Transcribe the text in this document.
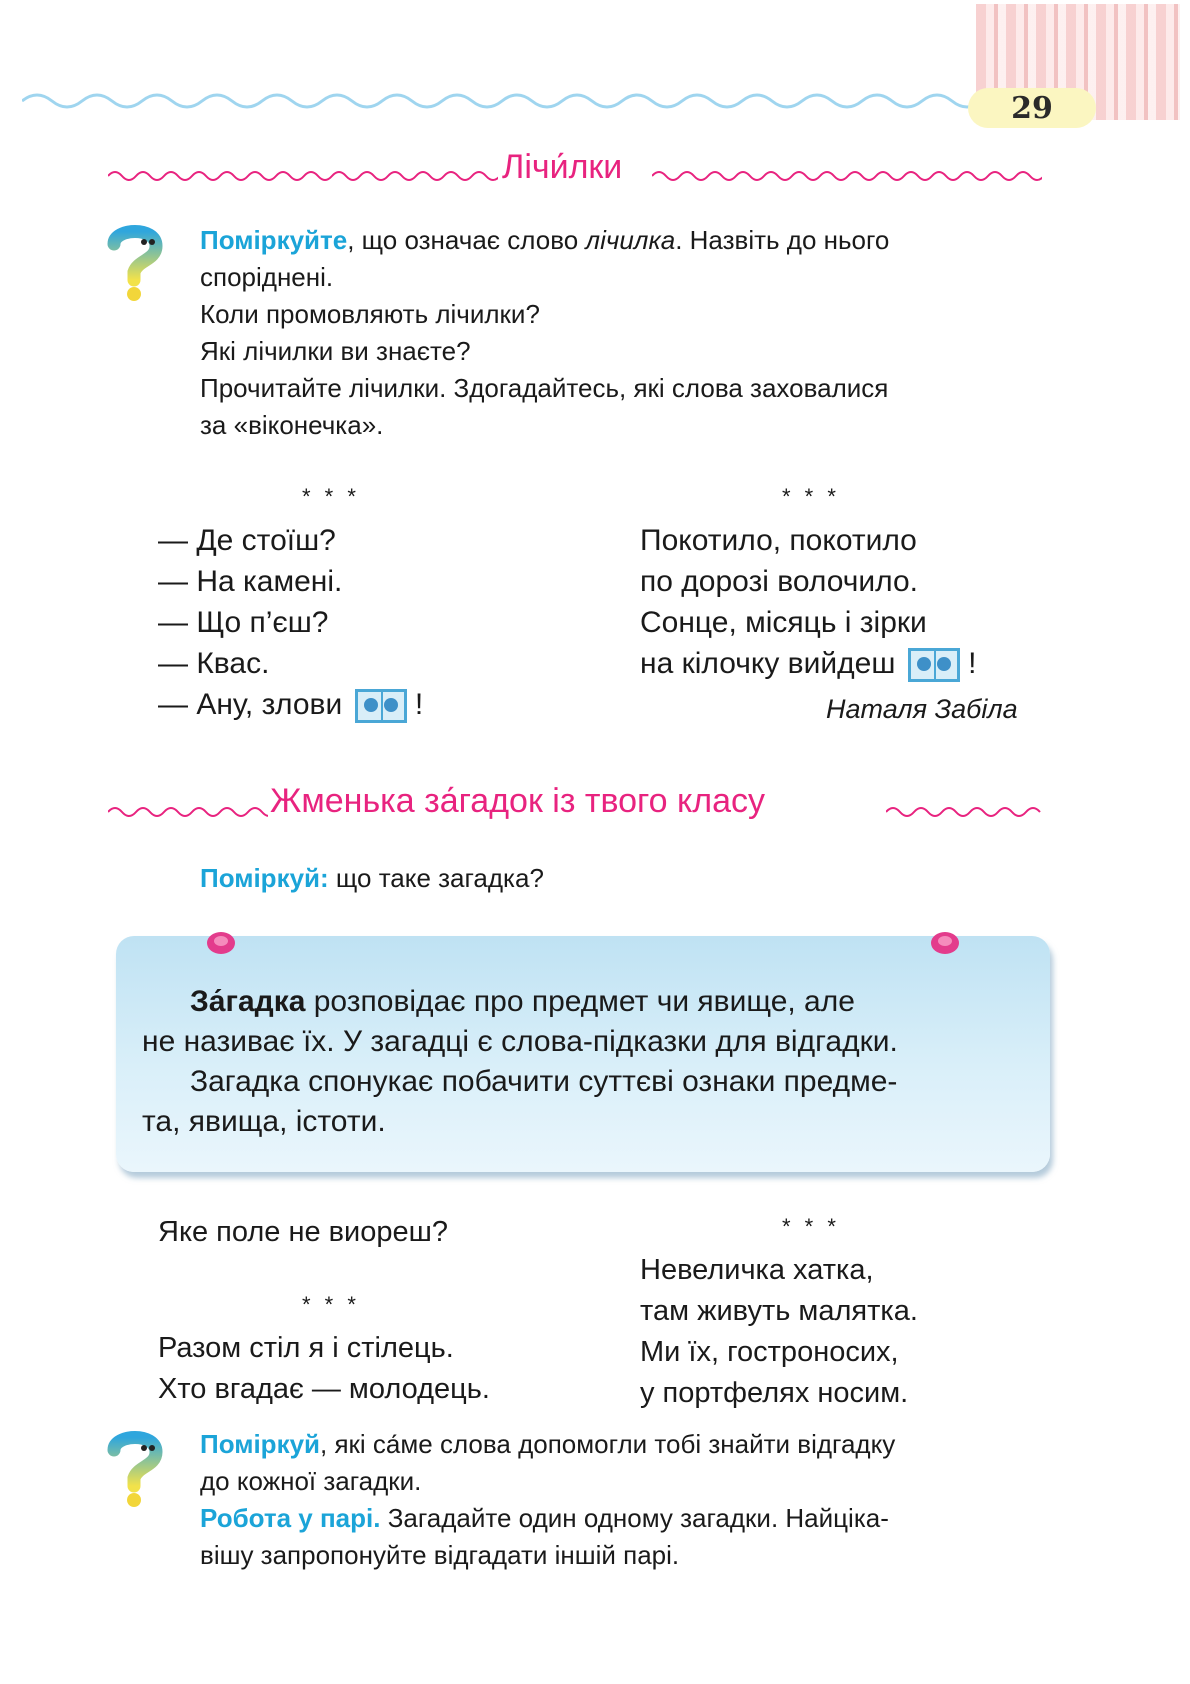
29
Лічи́лки
Поміркуйте, що означає слово лічилка. Назвіть до нього
споріднені.
Коли промовляють лічилки?
Які лічилки ви знаєте?
Прочитайте лічилки. Здогадайтесь, які слова заховалися
за «віконечка».
* * *
— Де стоїш?
— На камені.
— Що п’єш?
— Квас.
— Ану, злови !
* * *
Покотило, покотило
по дорозі волочило.
Сонце, місяць і зірки
на кілочку вийдеш !
Наталя Забіла
Жменька за́гадок із твого класу
Поміркуй: що таке загадка?
За́гадка розповідає про предмет чи явище, але
не називає їх. У загадці є слова-підказки для відгадки.
Загадка спонукає побачити суттєві ознаки предме-
та, явища, істоти.
Яке поле не виореш?
* * *
Разом стіл я і стілець.
Хто вгадає — молодець.
* * *
Невеличка хатка,
там живуть малятка.
Ми їх, гостроносих,
у портфелях носим.
Поміркуй, які са́ме слова допомогли тобі знайти відгадку
до кожної загадки.
Робота у парі. Загадайте один одному загадки. Найціка-
вішу запропонуйте відгадати іншій парі.
